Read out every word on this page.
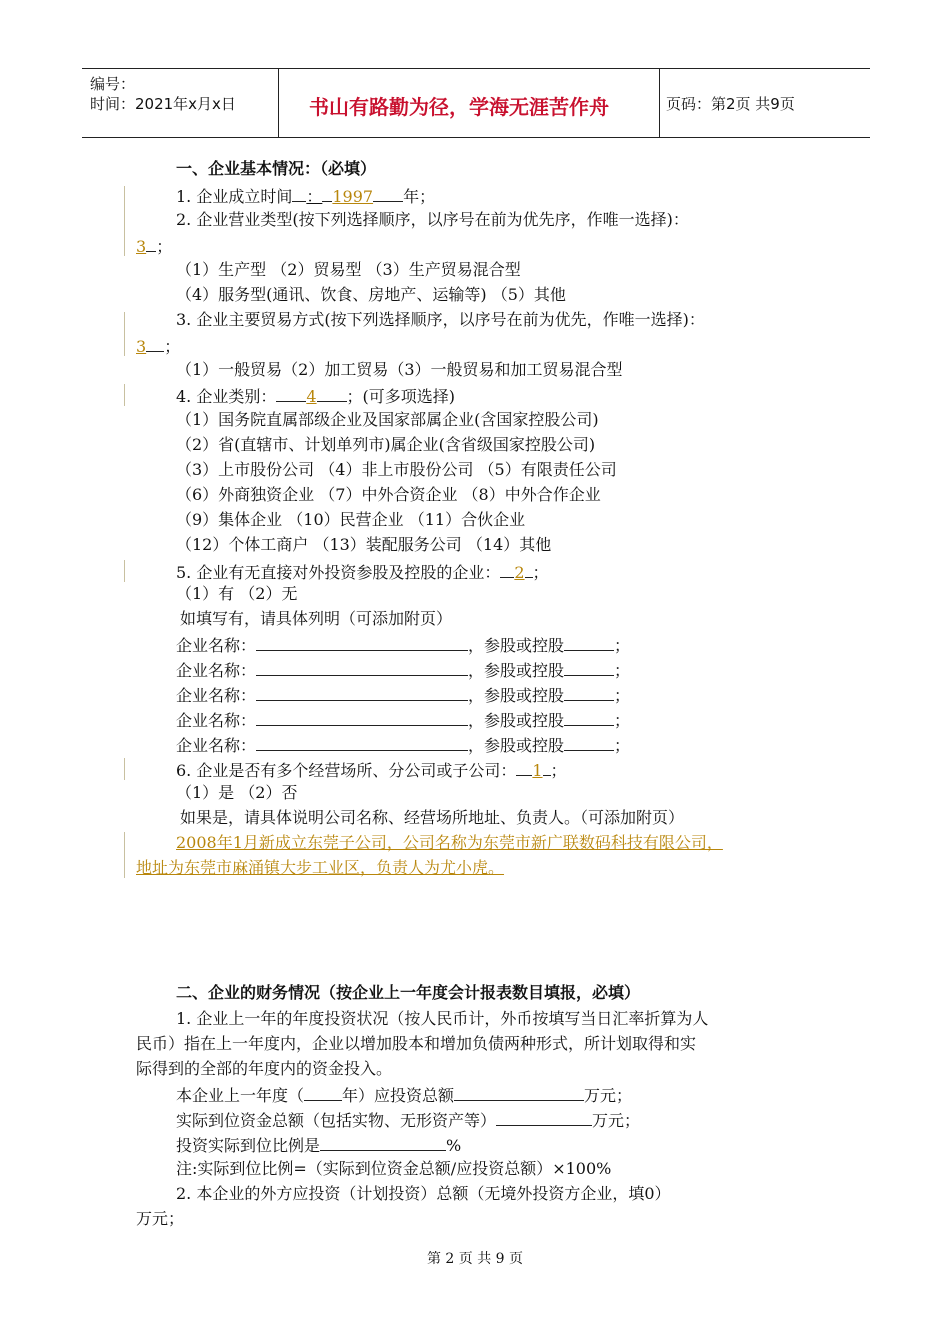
编号：
时间：2021年x月x日	书山有路勤为径，学海无涯苦作舟	页码：第2页 共9页
一、企业基本情况：（必填）
1. 企业成立时间 ： 1997 年；
2. 企业营业类型(按下列选择顺序，以序号在前为优先序，作唯一选择)：
3 ；
（1）生产型 （2）贸易型 （3）生产贸易混合型
（4）服务型(通讯、饮食、房地产、运输等) （5）其他
3. 企业主要贸易方式(按下列选择顺序，以序号在前为优先，作唯一选择)：
3 ；
（1）一般贸易（2）加工贸易（3）一般贸易和加工贸易混合型
4. 企业类别： 4 ；(可多项选择)
（1）国务院直属部级企业及国家部属企业(含国家控股公司)
（2）省(直辖市、计划单列市)属企业(含省级国家控股公司)
（3）上市股份公司 （4）非上市股份公司 （5）有限责任公司
（6）外商独资企业 （7）中外合资企业 （8）中外合作企业
（9）集体企业 （10）民营企业 （11）合伙企业
（12）个体工商户 （13）装配服务公司 （14）其他
5. 企业有无直接对外投资参股及控股的企业： 2 ；
（1）有 （2）无
如填写有，请具体列明（可添加附页）
企业名称：	，参股或控股	；
企业名称：	，参股或控股	；
企业名称：	，参股或控股	；
企业名称：	，参股或控股	；
企业名称：	，参股或控股	；
6. 企业是否有多个经营场所、分公司或子公司： 1 ；
（1）是 （2）否
如果是，请具体说明公司名称、经营场所地址、负责人。（可添加附页）
2008年1月新成立东莞子公司，公司名称为东莞市新广联数码科技有限公司，
地址为东莞市麻涌镇大步工业区，负责人为尤小虎。
二、企业的财务情况（按企业上一年度会计报表数目填报，必填）
1. 企业上一年的年度投资状况（按人民币计，外币按填写当日汇率折算为人
民币）指在上一年度内，企业以增加股本和增加负债两种形式，所计划取得和实
际得到的全部的年度内的资金投入。
本企业上一年度（ 年）应投资总额	万元；
实际到位资金总额（包括实物、无形资产等）	万元；
投资实际到位比例是	%
注:实际到位比例=（实际到位资金总额/应投资总额）×100%
2. 本企业的外方应投资（计划投资）总额（无境外投资方企业，填0）
万元；
第 2 页 共 9 页
